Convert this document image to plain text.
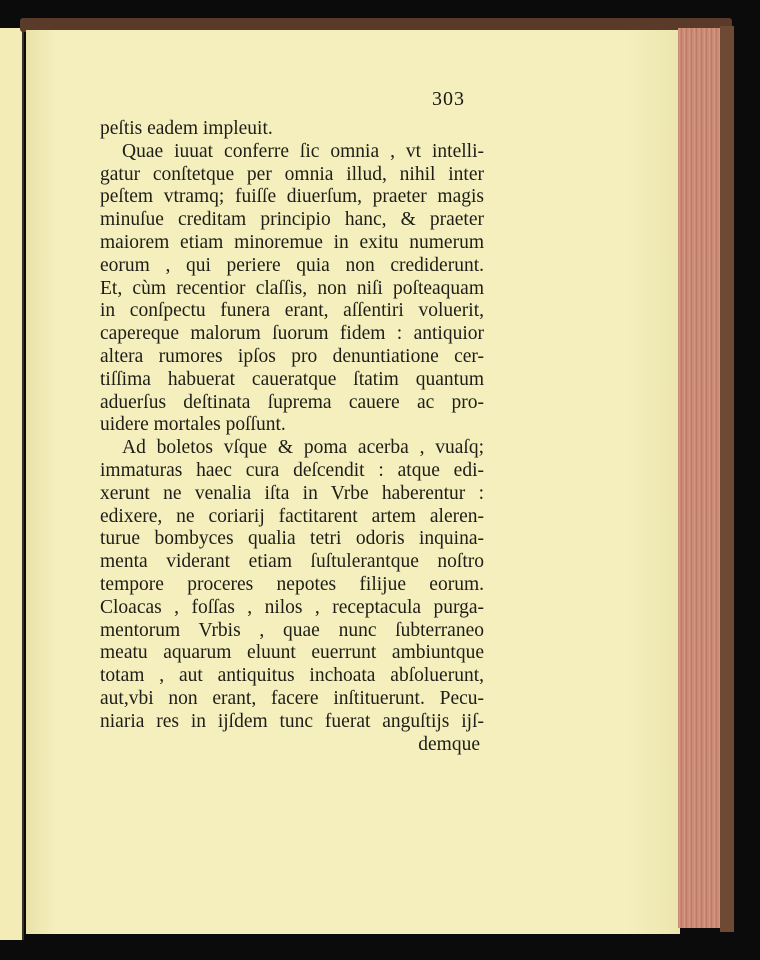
303
peſtis eadem impleuit.
Quae iuuat conferre ſic omnia , vt intelli-
gatur conſtetque per omnia illud, nihil inter
peſtem vtramq; fuiſſe diuerſum, praeter magis
minuſue creditam principio hanc, & praeter
maiorem etiam minoremue in exitu numerum
eorum , qui periere quia non crediderunt.
Et, cùm recentior claſſis, non niſi poſteaquam
in conſpectu funera erant, aſſentiri voluerit,
capereque malorum ſuorum fidem : antiquior
altera rumores ipſos pro denuntiatione cer-
tiſſima habuerat caueratque ſtatim quantum
aduerſus deſtinata ſuprema cauere ac pro-
uidere mortales poſſunt.
Ad boletos vſque & poma acerba , vuaſq;
immaturas haec cura deſcendit : atque edi-
xerunt ne venalia iſta in Vrbe haberentur :
edixere, ne coriarij factitarent artem aleren-
turue bombyces qualia tetri odoris inquina-
menta viderant etiam ſuſtulerantque noſtro
tempore proceres nepotes filijue eorum.
Cloacas , foſſas , nilos , receptacula purga-
mentorum Vrbis , quae nunc ſubterraneo
meatu aquarum eluunt euerrunt ambiuntque
totam , aut antiquitus inchoata abſoluerunt,
aut,vbi non erant, facere inſtituerunt. Pecu-
niaria res in ijſdem tunc fuerat anguſtijs ijſ-
demque
